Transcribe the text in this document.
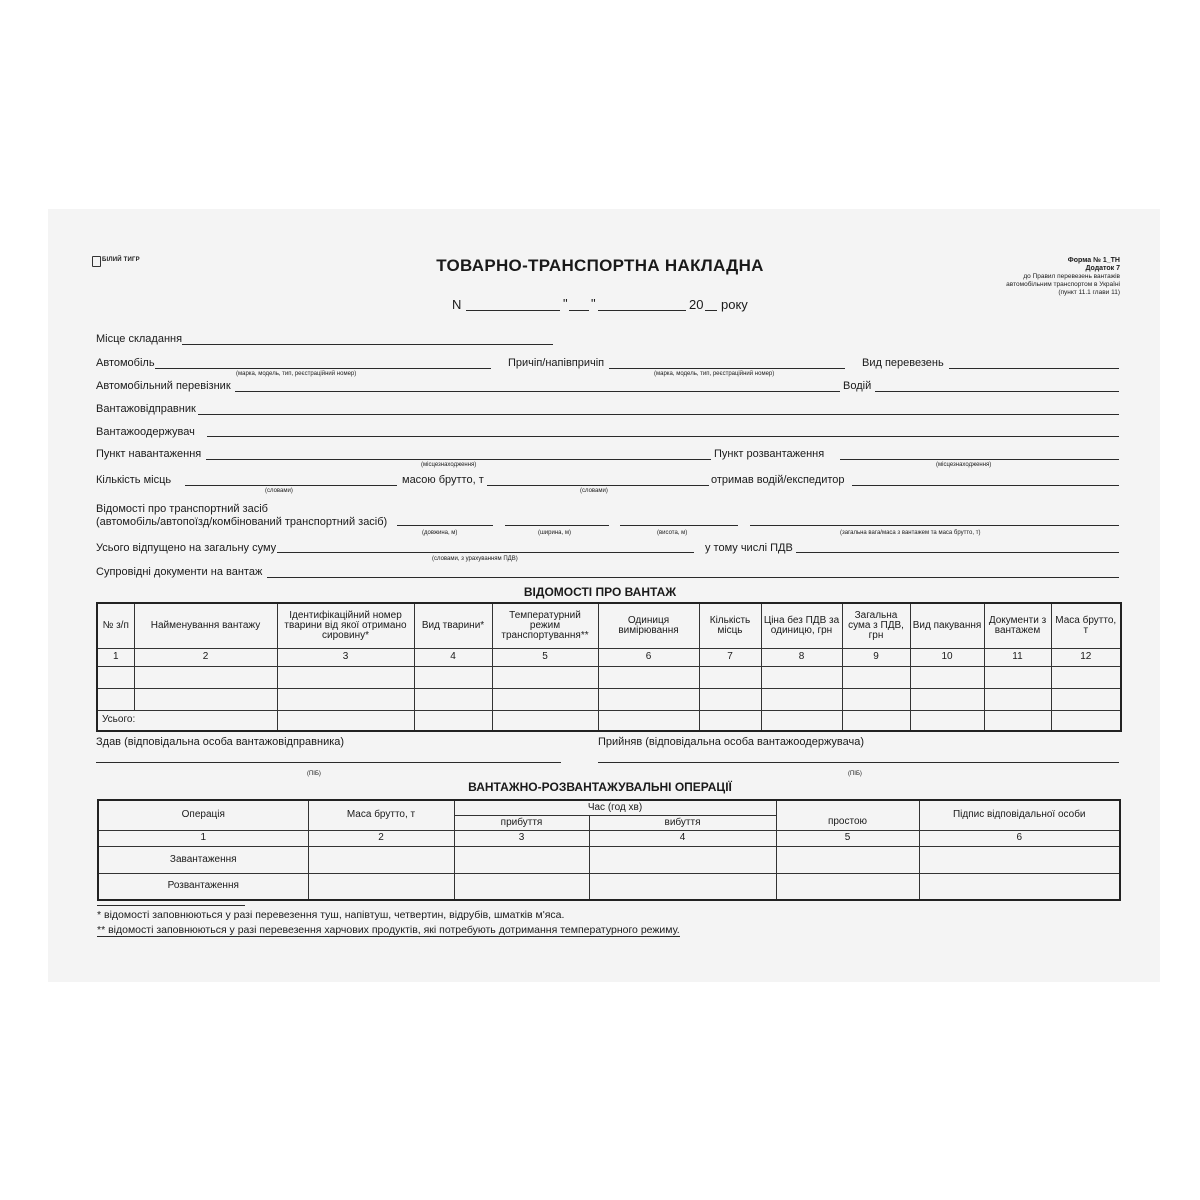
БІЛИЙ ТИГР	ТОВАРНО-ТРАНСПОРТНА НАКЛАДНА	Форма № 1_ТН
Додаток 7
до Правил перевезень вантажів
автомобільним транспортом в Україні
(пункт 11.1 глави 11)
N	" "	20 року
Місце складання
Автомобіль
(марка, модель, тип, реєстраційний номер)
Причіп/напівпричіп
(марка, модель, тип, реєстраційний номер)
Вид перевезень
Автомобільний перевізник	Водій
Вантажовідправник
Вантажоодержувач
Пункт навантаження
(місцезнаходження)
Пункт розвантаження
(місцезнаходження)
Кількість місць
(словами)
масою брутто, т
(словами)
отримав водій/експедитор
Відомості про транспортний засіб
(автомобіль/автопоїзд/комбінований транспортний засіб)
(довжина, м)	(ширина, м)	(висота, м)	(загальна вага/маса з вантажем та маса брутто, т)
Усього відпущено на загальну суму
(словами, з урахуванням ПДВ)
у тому числі ПДВ
Супровідні документи на вантаж
ВІДОМОСТІ ПРО ВАНТАЖ
№ з/п	Найменування вантажу	Ідентифікаційний номер тварини від якої отримано сировину*	Вид тварини*	Температурний режим транспортування**	Одиниця вимірювання	Кількість місць	Ціна без ПДВ за одиницю, грн	Загальна сума з ПДВ, грн	Вид пакування	Документи з вантажем	Маса брутто, т
1	2	3	4	5	6	7	8	9	10	11	12

Усього:											
Здав (відповідальна особа вантажовідправника)
(ПІБ)
Прийняв (відповідальна особа вантажоодержувача)
(ПІБ)
ВАНТАЖНО-РОЗВАНТАЖУВАЛЬНІ ОПЕРАЦІЇ
Операція	Маса брутто, т	Час (год хв)			Підпис відповідальної особи
		прибуття	вибуття	простою	
1	2	3	4	5	6
Завантаження					
Розвантаження					
* відомості заповнюються у разі перевезення туш, напівтуш, четвертин, відрубів, шматків м'яса.
** відомості заповнюються у разі перевезення харчових продуктів, які потребують дотримання температурного режиму.
